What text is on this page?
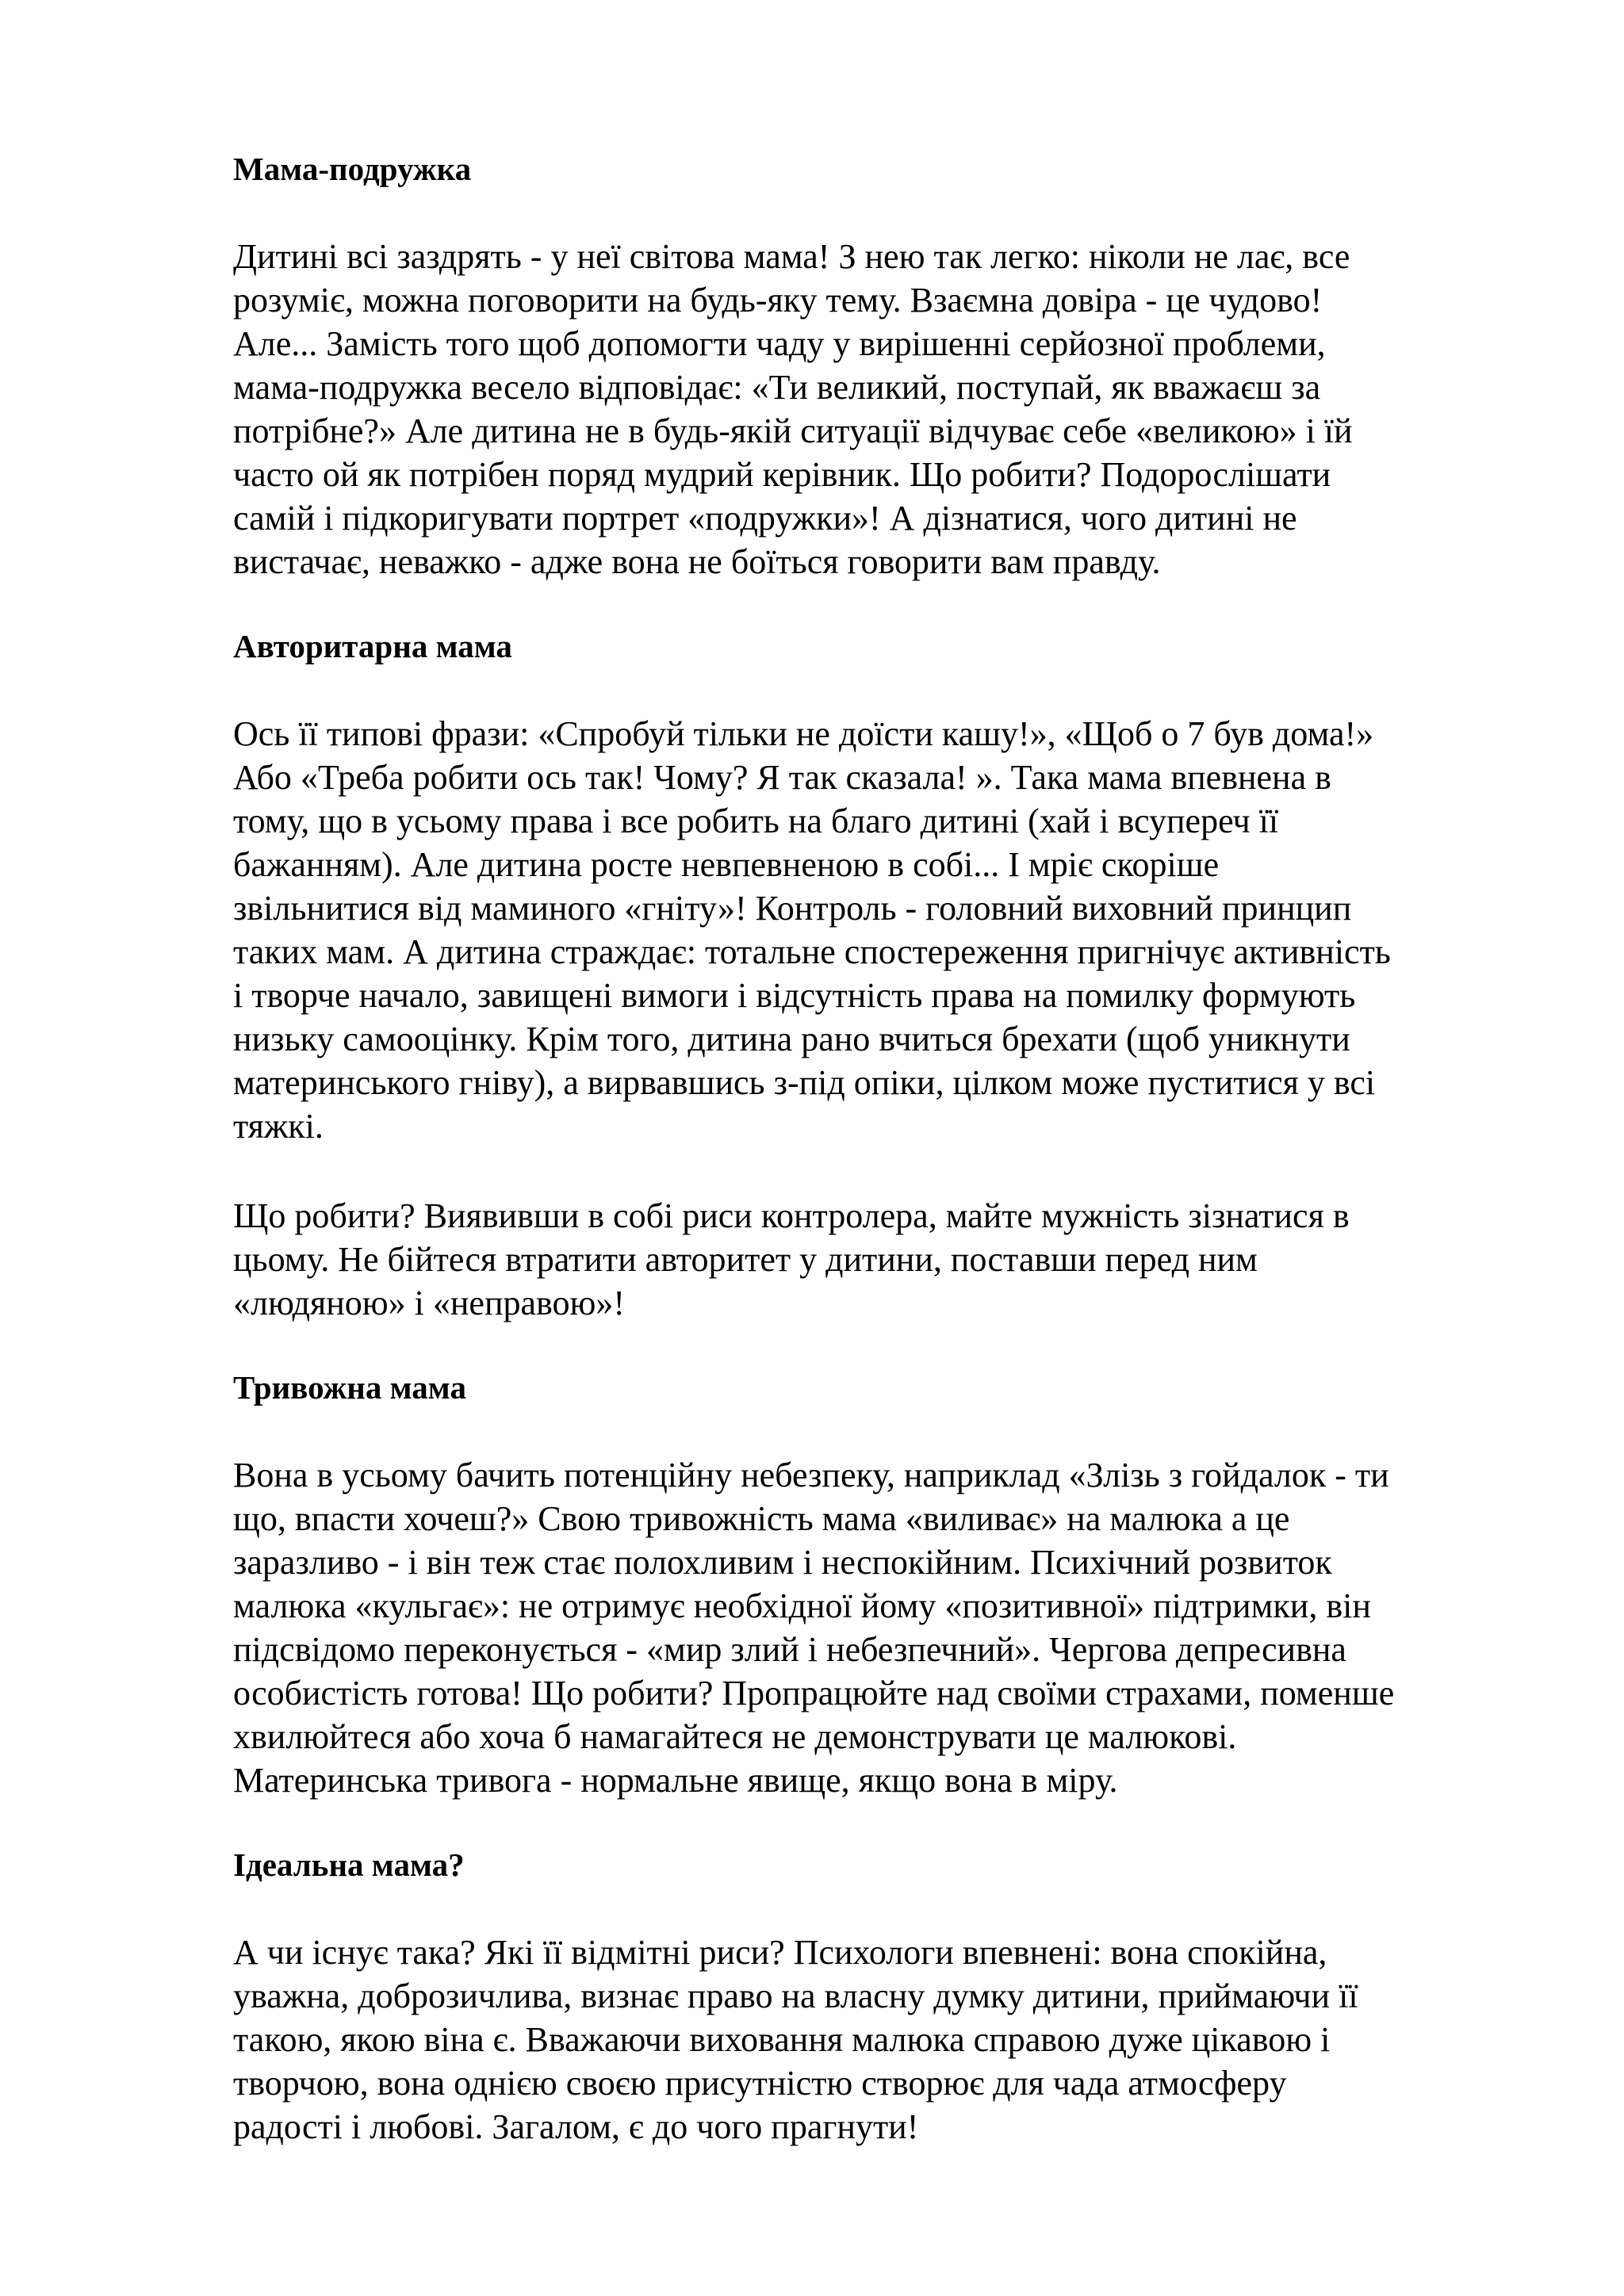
Мама-подружка

Дитині всі заздрять - у неї світова мама! З нею так легко: ніколи не лає, все
розуміє, можна поговорити на будь-яку тему. Взаємна довіра - це чудово!
Але... Замість того щоб допомогти чаду у вирішенні серйозної проблеми,
мама-подружка весело відповідає: «Ти великий, поступай, як вважаєш за
потрібне?» Але дитина не в будь-якій ситуації відчуває себе «великою» і їй
часто ой як потрібен поряд мудрий керівник. Що робити? Подорослішати
самій і підкоригувати портрет «подружки»! А дізнатися, чого дитині не
вистачає, неважко - адже вона не боїться говорити вам правду.

Авторитарна мама

Ось її типові фрази: «Спробуй тільки не доїсти кашу!», «Щоб о 7 був дома!»
Або «Треба робити ось так! Чому? Я так сказала! ». Така мама впевнена в
тому, що в усьому права і все робить на благо дитині (хай і всупереч її
бажанням). Але дитина росте невпевненою в собі... І мріє скоріше
звільнитися від маминого «гніту»! Контроль - головний виховний принцип
таких мам. А дитина страждає: тотальне спостереження пригнічує активність
і творче начало, завищені вимоги і відсутність права на помилку формують
низьку самооцінку. Крім того, дитина рано вчиться брехати (щоб уникнути
материнського гніву), а вирвавшись з-під опіки, цілком може пуститися у всі
тяжкі.

Що робити? Виявивши в собі риси контролера, майте мужність зізнатися в
цьому. Не бійтеся втратити авторитет у дитини, поставши перед ним
«людяною» і «неправою»!

Тривожна мама

Вона в усьому бачить потенційну небезпеку, наприклад «Злізь з гойдалок - ти
що, впасти хочеш?» Свою тривожність мама «виливає» на малюка а це
заразливо - і він теж стає полохливим і неспокійним. Психічний розвиток
малюка «кульгає»: не отримує необхідної йому «позитивної» підтримки, він
підсвідомо переконується - «мир злий і небезпечний». Чергова депресивна
особистість готова! Що робити? Пропрацюйте над своїми страхами, поменше
хвилюйтеся або хоча б намагайтеся не демонструвати це малюкові.
Материнська тривога - нормальне явище, якщо вона в міру.

Ідеальна мама?

А чи існує така? Які її відмітні риси? Психологи впевнені: вона спокійна,
уважна, доброзичлива, визнає право на власну думку дитини, приймаючи її
такою, якою віна є. Вважаючи виховання малюка справою дуже цікавою і
творчою, вона однією своєю присутністю створює для чада атмосферу
радості і любові. Загалом, є до чого прагнути!
